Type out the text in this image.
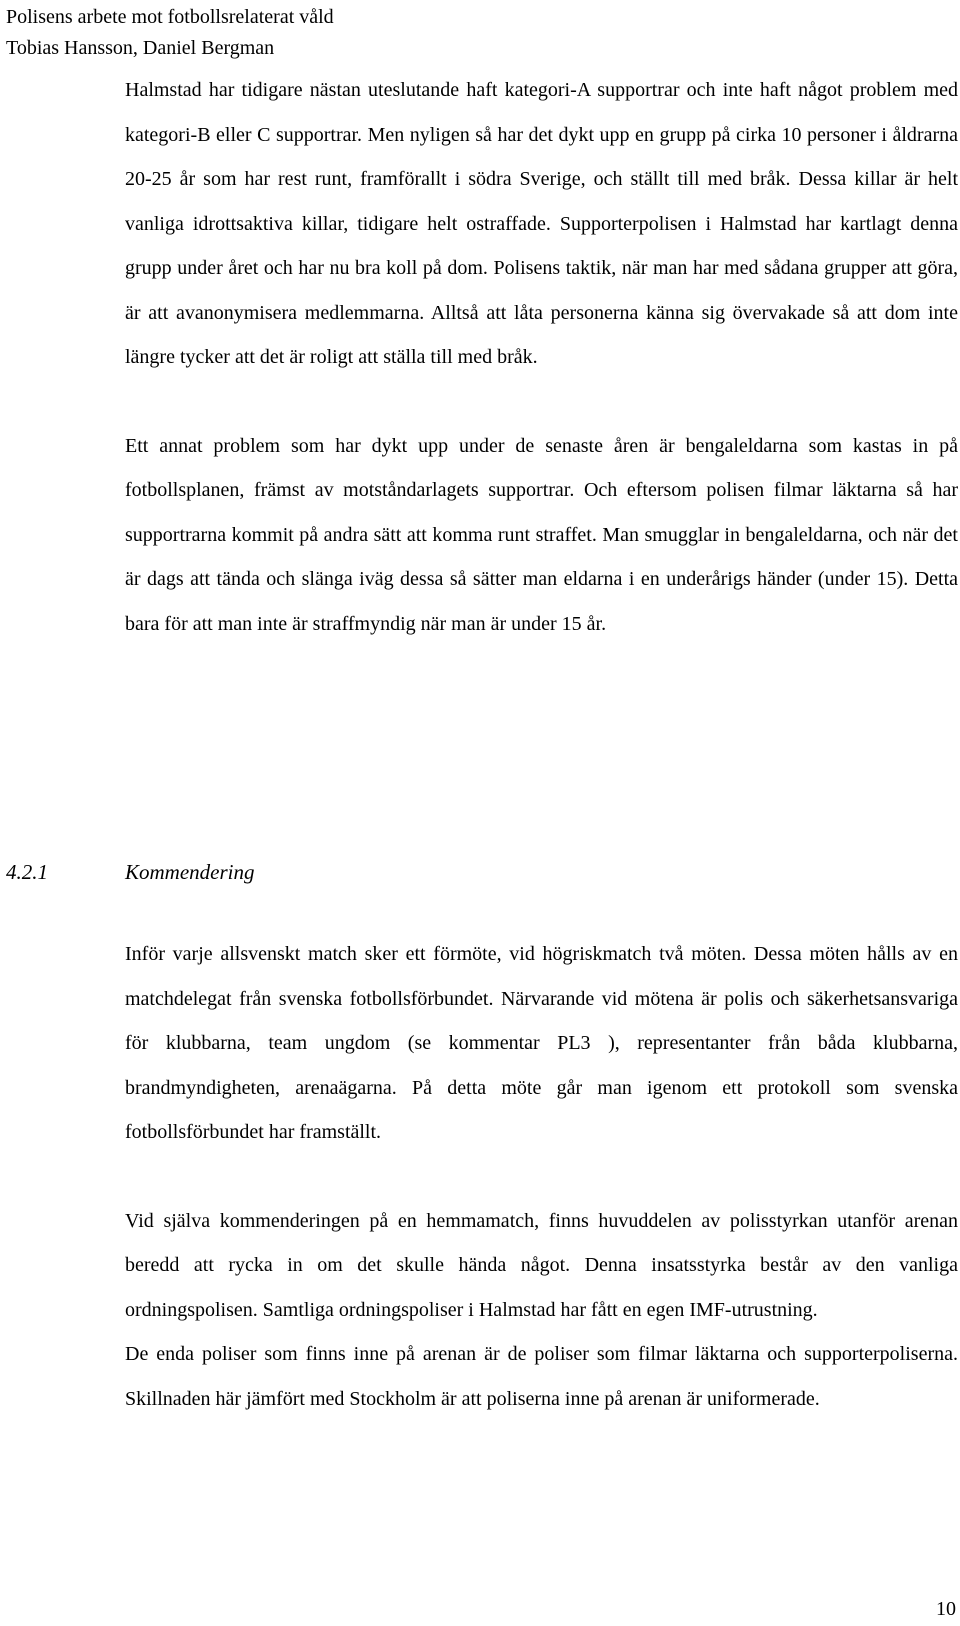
Polisens arbete mot fotbollsrelaterat våld
Tobias Hansson, Daniel Bergman

Halmstad har tidigare nästan uteslutande haft kategori-A supportrar och inte haft något problem med kategori-B eller C supportrar. Men nyligen så har det dykt upp en grupp på cirka 10 personer i åldrarna 20-25 år som har rest runt, framförallt i södra Sverige, och ställt till med bråk. Dessa killar är helt vanliga idrottsaktiva killar, tidigare helt ostraffade. Supporterpolisen i Halmstad har kartlagt denna grupp under året och har nu bra koll på dom. Polisens taktik, när man har med sådana grupper att göra, är att avanonymisera medlemmarna. Alltså att låta personerna känna sig övervakade så att dom inte längre tycker att det är roligt att ställa till med bråk.

Ett annat problem som har dykt upp under de senaste åren är bengaleldarna som kastas in på fotbollsplanen, främst av motståndarlagets supportrar. Och eftersom polisen filmar läktarna så har supportrarna kommit på andra sätt att komma runt straffet. Man smugglar in bengaleldarna, och när det är dags att tända och slänga iväg dessa så sätter man eldarna i en underårigs händer (under 15). Detta bara för att man inte är straffmyndig när man är under 15 år.

4.2.1	Kommendering

Inför varje allsvenskt match sker ett förmöte, vid högriskmatch två möten. Dessa möten hålls av en matchdelegat från svenska fotbollsförbundet. Närvarande vid mötena är polis och säkerhetsansvariga för klubbarna, team ungdom (se kommentar PL3 ), representanter från båda klubbarna, brandmyndigheten, arenaägarna. På detta möte går man igenom ett protokoll som svenska fotbollsförbundet har framställt.

Vid själva kommenderingen på en hemmamatch, finns huvuddelen av polisstyrkan utanför arenan beredd att rycka in om det skulle hända något. Denna insatsstyrka består av den vanliga ordningspolisen. Samtliga ordningspoliser i Halmstad har fått en egen IMF-utrustning.

De enda poliser som finns inne på arenan är de poliser som filmar läktarna och supporterpoliserna. Skillnaden här jämfört med Stockholm är att poliserna inne på arenan är uniformerade.

10
